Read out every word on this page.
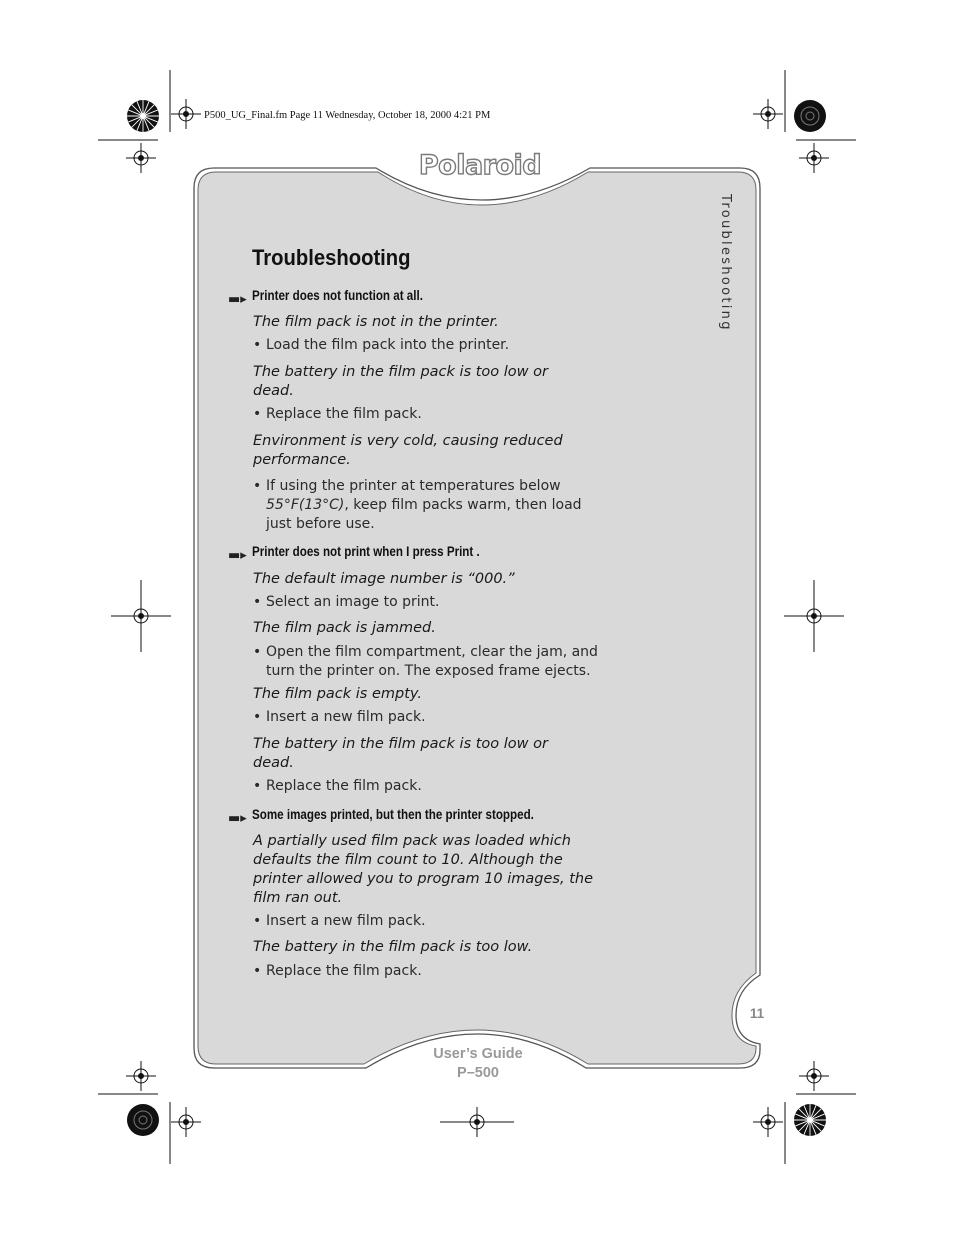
P500_UG_Final.fm Page 11 Wednesday, October 18, 2000 4:21 PM
Polaroid
Troubleshooting
Troubleshooting
▬▸ Printer does not function at all.
The film pack is not in the printer.
• Load the film pack into the printer.
The battery in the film pack is too low or dead.
• Replace the film pack.
Environment is very cold, causing reduced performance.
• If using the printer at temperatures below 55°F(13°C), keep film packs warm, then load just before use.
▬▸ Printer does not print when I press Print .
The default image number is “000.”
• Select an image to print.
The film pack is jammed.
• Open the film compartment, clear the jam, and turn the printer on. The exposed frame ejects.
The film pack is empty.
• Insert a new film pack.
The battery in the film pack is too low or dead.
• Replace the film pack.
▬▸ Some images printed, but then the printer stopped.
A partially used film pack was loaded which defaults the film count to 10. Although the printer allowed you to program 10 images, the film ran out.
• Insert a new film pack.
The battery in the film pack is too low.
• Replace the film pack.
11
User’s Guide
P–500
